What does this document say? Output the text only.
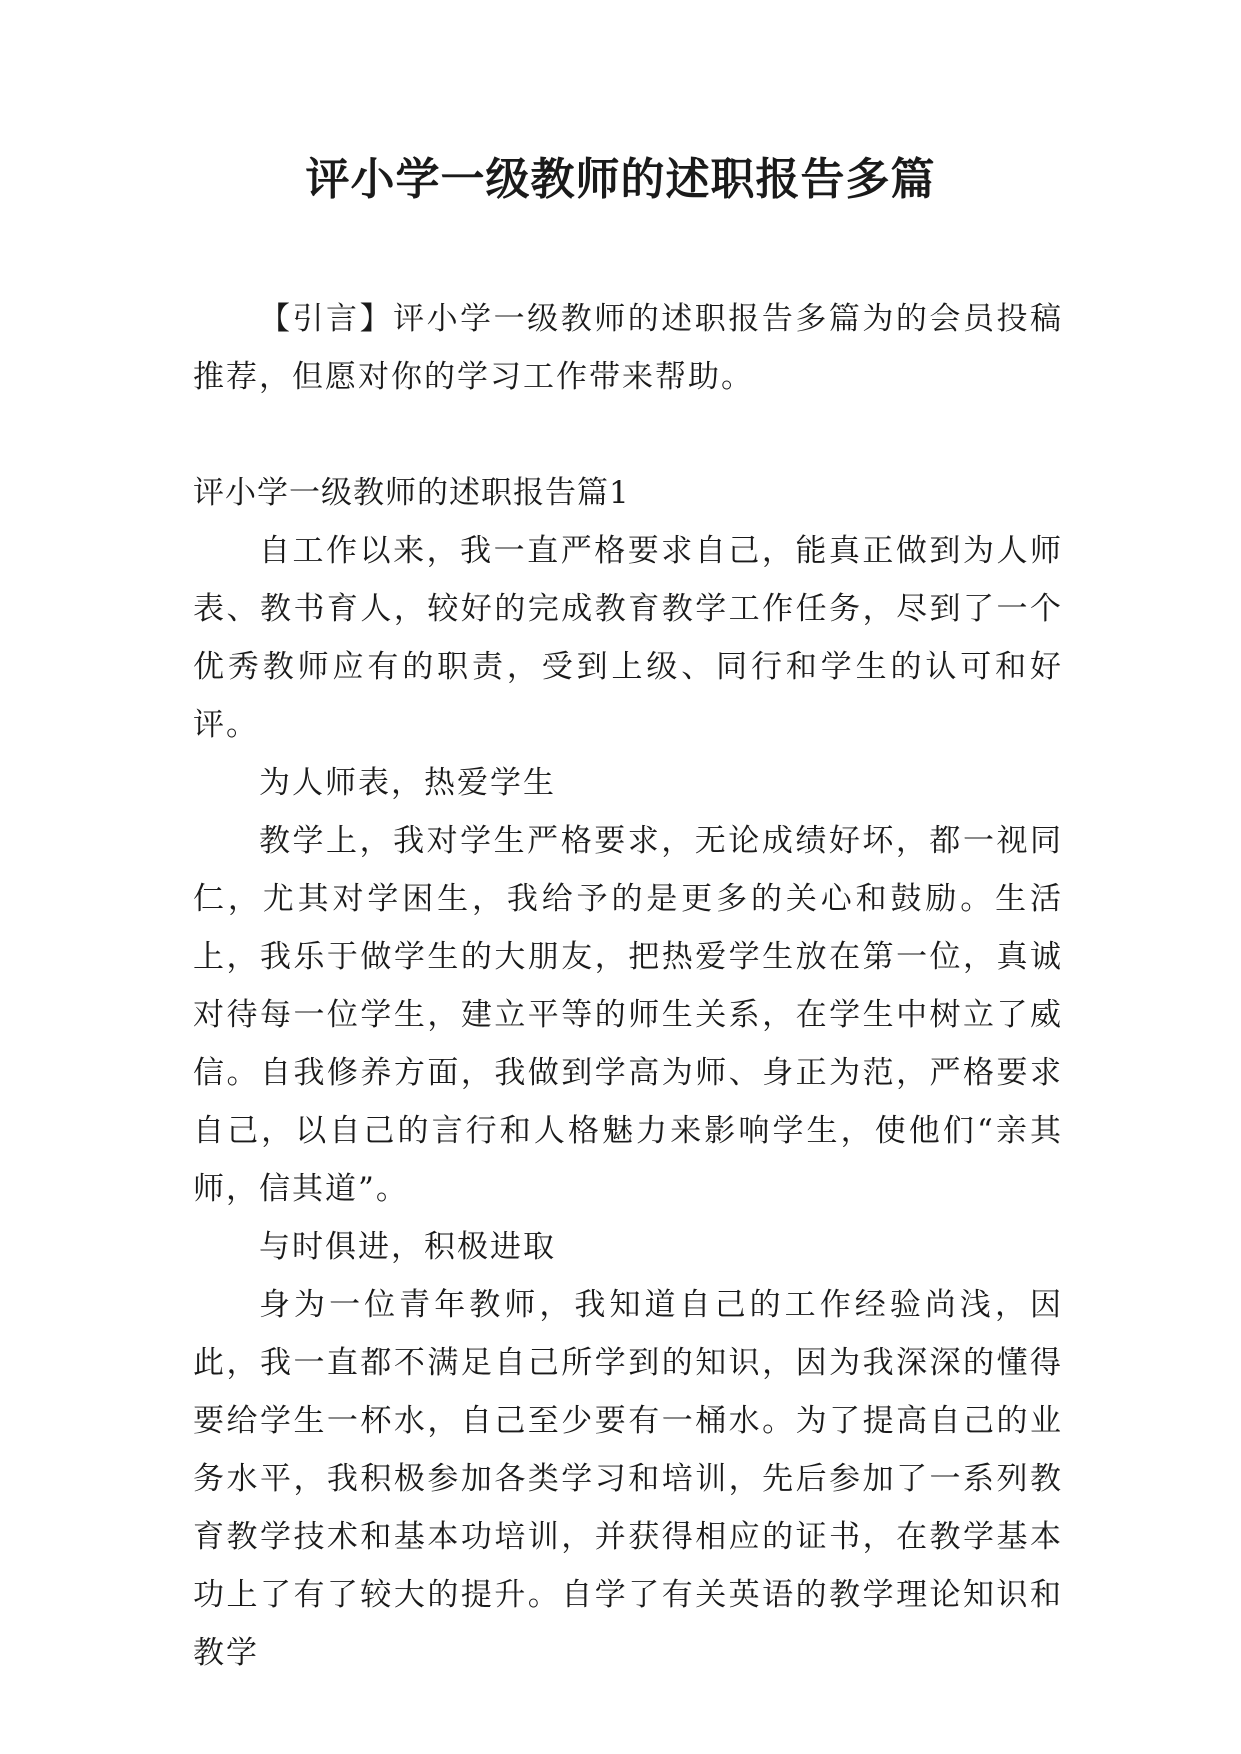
评小学一级教师的述职报告多篇

【引言】评小学一级教师的述职报告多篇为的会员投稿推荐，但愿对你的学习工作带来帮助。

评小学一级教师的述职报告篇1

自工作以来，我一直严格要求自己，能真正做到为人师表、教书育人，较好的完成教育教学工作任务，尽到了一个优秀教师应有的职责，受到上级、同行和学生的认可和好评。

为人师表，热爱学生

教学上，我对学生严格要求，无论成绩好坏，都一视同仁，尤其对学困生，我给予的是更多的关心和鼓励。生活上，我乐于做学生的大朋友，把热爱学生放在第一位，真诚对待每一位学生，建立平等的师生关系，在学生中树立了威信。自我修养方面，我做到学高为师、身正为范，严格要求自己，以自己的言行和人格魅力来影响学生，使他们“亲其师，信其道”。

与时俱进，积极进取

身为一位青年教师，我知道自己的工作经验尚浅，因此，我一直都不满足自己所学到的知识，因为我深深的懂得要给学生一杯水，自己至少要有一桶水。为了提高自己的业务水平，我积极参加各类学习和培训，先后参加了一系列教育教学技术和基本功培训，并获得相应的证书，在教学基本功上了有了较大的提升。自学了有关英语的教学理论知识和教学
